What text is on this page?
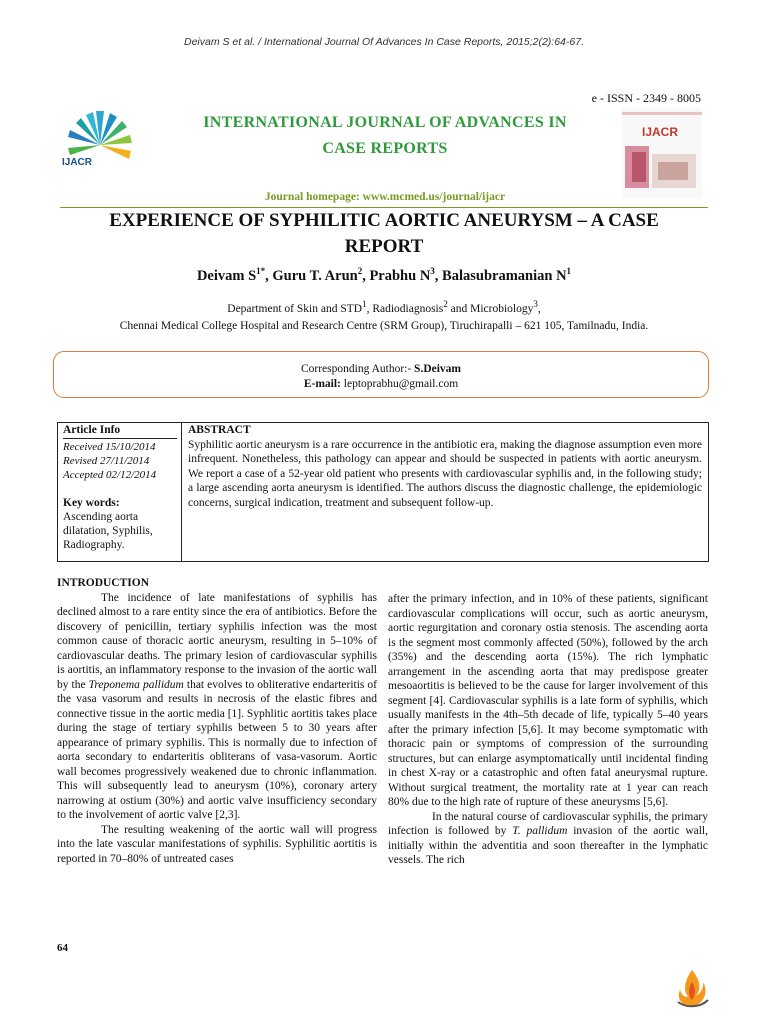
Deivam S et al. / International Journal Of Advances In Case Reports, 2015;2(2):64-67.
e - ISSN - 2349 - 8005
IJACR
INTERNATIONAL JOURNAL OF ADVANCES IN
CASE REPORTS
IJACR
Journal homepage: www.mcmed.us/journal/ijacr
EXPERIENCE OF SYPHILITIC AORTIC ANEURYSM – A CASE
REPORT
Deivam $S^{1*}$, Guru T. Arun$^2$, Prabhu $N^3$, Balasubramanian $N^1$
Department of Skin and STD$^1$, Radiodiagnosis$^2$ and Microbiology$^3$,
Chennai Medical College Hospital and Research Centre (SRM Group), Tiruchirapalli – 621 105, Tamilnadu, India.
Corresponding Author:- S.Deivam
E-mail: leptoprabhu@gmail.com
Article Info
Received 15/10/2014
Revised 27/11/2014
Accepted 02/12/2014
Key words:
Ascending aorta dilatation, Syphilis, Radiography.
ABSTRACT
Syphilitic aortic aneurysm is a rare occurrence in the antibiotic era, making the diagnose assumption even more infrequent. Nonetheless, this pathology can appear and should be suspected in patients with aortic aneurysm. We report a case of a 52-year old patient who presents with cardiovascular syphilis and, in the following study; a large ascending aorta aneurysm is identified. The authors discuss the diagnostic challenge, the epidemiologic concerns, surgical indication, treatment and subsequent follow-up.
INTRODUCTION

The incidence of late manifestations of syphilis has declined almost to a rare entity since the era of antibiotics. Before the discovery of penicillin, tertiary syphilis infection was the most common cause of thoracic aortic aneurysm, resulting in 5–10% of cardiovascular deaths. The primary lesion of cardiovascular syphilis is aortitis, an inflammatory response to the invasion of the aortic wall by the Treponema pallidum that evolves to obliterative endarteritis of the vasa vasorum and results in necrosis of the elastic fibres and connective tissue in the aortic media [1]. Syphlitic aortitis takes place during the stage of tertiary syphilis between 5 to 30 years after appearance of primary syphilis. This is normally due to infection of aorta secondary to endarteritis obliterans of vasa-vasorum. Aortic wall becomes progressively weakened due to chronic inflammation. This will subsequently lead to aneurysm (10%), coronary artery narrowing at ostium (30%) and aortic valve insufficiency secondary to the involvement of aortic valve [2,3].

The resulting weakening of the aortic wall will progress into the late vascular manifestations of syphilis. Syphilitic aortitis is reported in 70–80% of untreated cases

after the primary infection, and in 10% of these patients, significant cardiovascular complications will occur, such as aortic aneurysm, aortic regurgitation and coronary ostia stenosis. The ascending aorta is the segment most commonly affected (50%), followed by the arch (35%) and the descending aorta (15%). The rich lymphatic arrangement in the ascending aorta that may predispose greater mesoaortitis is believed to be the cause for larger involvement of this segment [4]. Cardiovascular syphilis is a late form of syphilis, which usually manifests in the 4th–5th decade of life, typically 5–40 years after the primary infection [5,6]. It may become symptomatic with thoracic pain or symptoms of compression of the surrounding structures, but can enlarge asymptomatically until incidental finding in chest X-ray or a catastrophic and often fatal aneurysmal rupture. Without surgical treatment, the mortality rate at 1 year can reach 80% due to the high rate of rupture of these aneurysms [5,6].

In the natural course of cardiovascular syphilis, the primary infection is followed by T. pallidum invasion of the aortic wall, initially within the adventitia and soon thereafter in the lymphatic vessels. The rich

64
